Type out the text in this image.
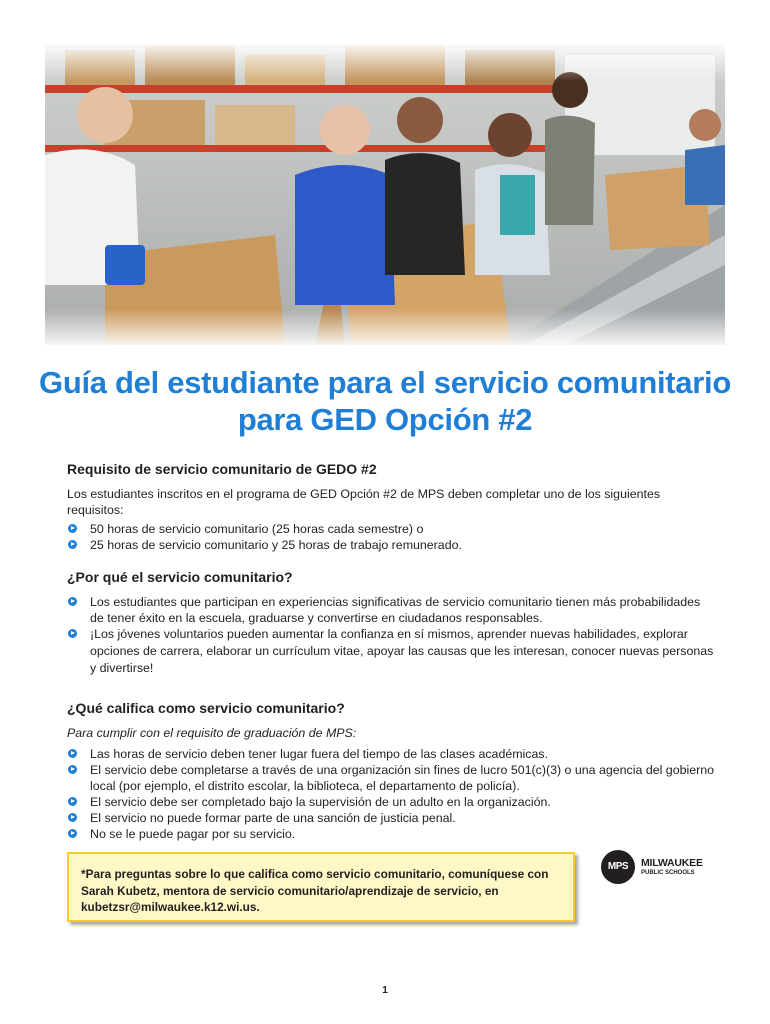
Guía del estudiante para el servicio comunitario
para GED Opción #2

Requisito de servicio comunitario de GEDO #2

Los estudiantes inscritos en el programa de GED Opción #2 de MPS deben completar uno de los siguientes requisitos:

50 horas de servicio comunitario (25 horas cada semestre) o
25 horas de servicio comunitario y 25 horas de trabajo remunerado.

¿Por qué el servicio comunitario?

Los estudiantes que participan en experiencias significativas de servicio comunitario tienen más probabilidades de tener éxito en la escuela, graduarse y convertirse en ciudadanos responsables.
¡Los jóvenes voluntarios pueden aumentar la confianza en sí mismos, aprender nuevas habilidades, explorar opciones de carrera, elaborar un currículum vitae, apoyar las causas que les interesan, conocer nuevas personas y divertirse!

¿Qué califica como servicio comunitario?

Para cumplir con el requisito de graduación de MPS:

Las horas de servicio deben tener lugar fuera del tiempo de las clases académicas.
El servicio debe completarse a través de una organización sin fines de lucro 501(c)(3) o una agencia del gobierno local (por ejemplo, el distrito escolar, la biblioteca, el departamento de policía).
El servicio debe ser completado bajo la supervisión de un adulto en la organización.
El servicio no puede formar parte de una sanción de justicia penal.
No se le puede pagar por su servicio.
*Para preguntas sobre lo que califica como servicio comunitario, comuníquese con Sarah Kubetz, mentora de servicio comunitario/aprendizaje de servicio, en kubetzsr@milwaukee.k12.wi.us.
MPS	MILWAUKEE
PUBLIC SCHOOLS
1
